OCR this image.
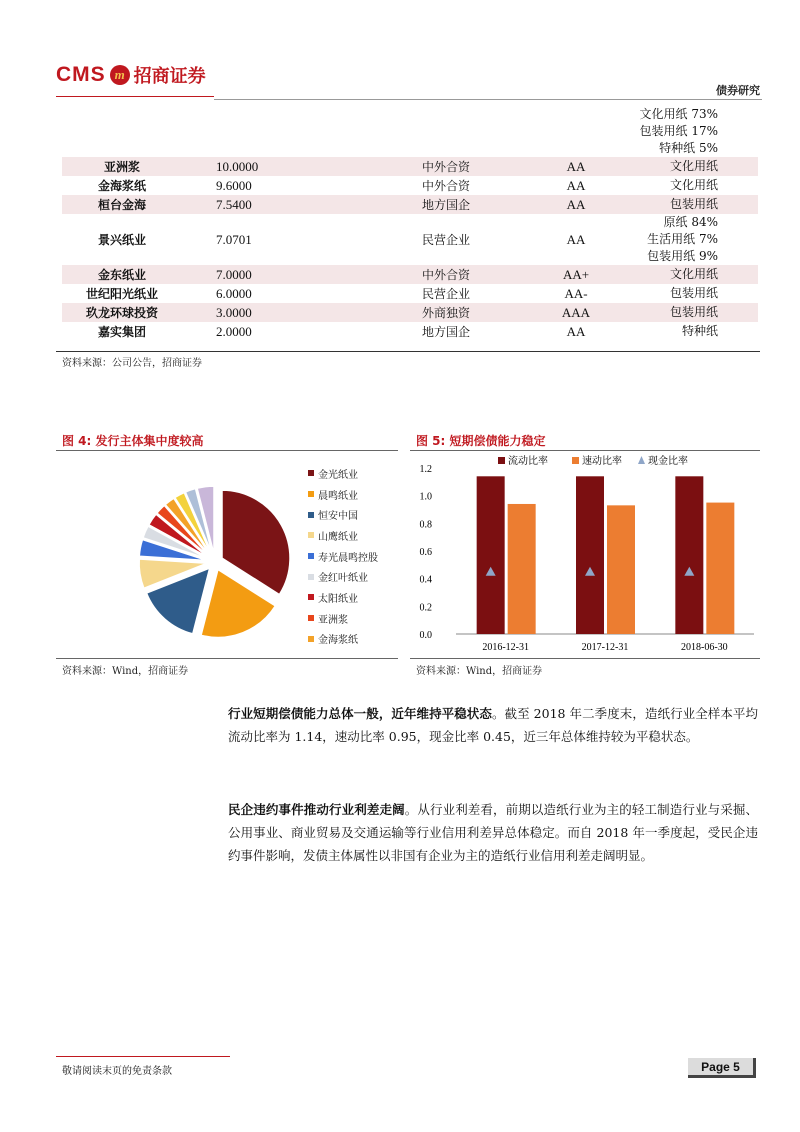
CMS m 招商证券
债券研究

				文化用纸 73%
包装用纸 17%
特种纸 5%

亚洲浆	10.0000	中外合资	AA	文化用纸

金海浆纸	9.6000	中外合资	AA	文化用纸

桓台金海	7.5400	地方国企	AA	包装用纸

景兴纸业	7.0701	民营企业	AA	原纸 84%
生活用纸 7%
包装用纸 9%

金东纸业	7.0000	中外合资	AA+	文化用纸

世纪阳光纸业	6.0000	民营企业	AA-	包装用纸

玖龙环球投资	3.0000	外商独资	AAA	包装用纸

嘉实集团	2.0000	地方国企	AA	特种纸
资料来源：公司公告，招商证券
图 4: 发行主体集中度较高
金光纸业
晨鸣纸业
恒安中国
山鹰纸业
寿光晨鸣控股
金红叶纸业
太阳纸业
亚洲浆
金海浆纸
资料来源：Wind，招商证券
图 5: 短期偿债能力稳定
1.2
1.0
0.8
0.6
0.4
0.2
0.0
2016-12-31	2017-12-31	2018-06-30
流动比率	速动比率	现金比率
资料来源：Wind，招商证券
行业短期偿债能力总体一般，近年维持平稳状态。截至 2018 年二季度末，造纸行业全样本平均流动比率为 1.14，速动比率 0.95，现金比率 0.45，近三年总体维持较为平稳状态。
民企违约事件推动行业利差走阔。从行业利差看，前期以造纸行业为主的轻工制造行业与采掘、公用事业、商业贸易及交通运输等行业信用利差异总体稳定。而自 2018 年一季度起，受民企违约事件影响，发债主体属性以非国有企业为主的造纸行业信用利差走阔明显。
敬请阅读末页的免责条款	Page
5
